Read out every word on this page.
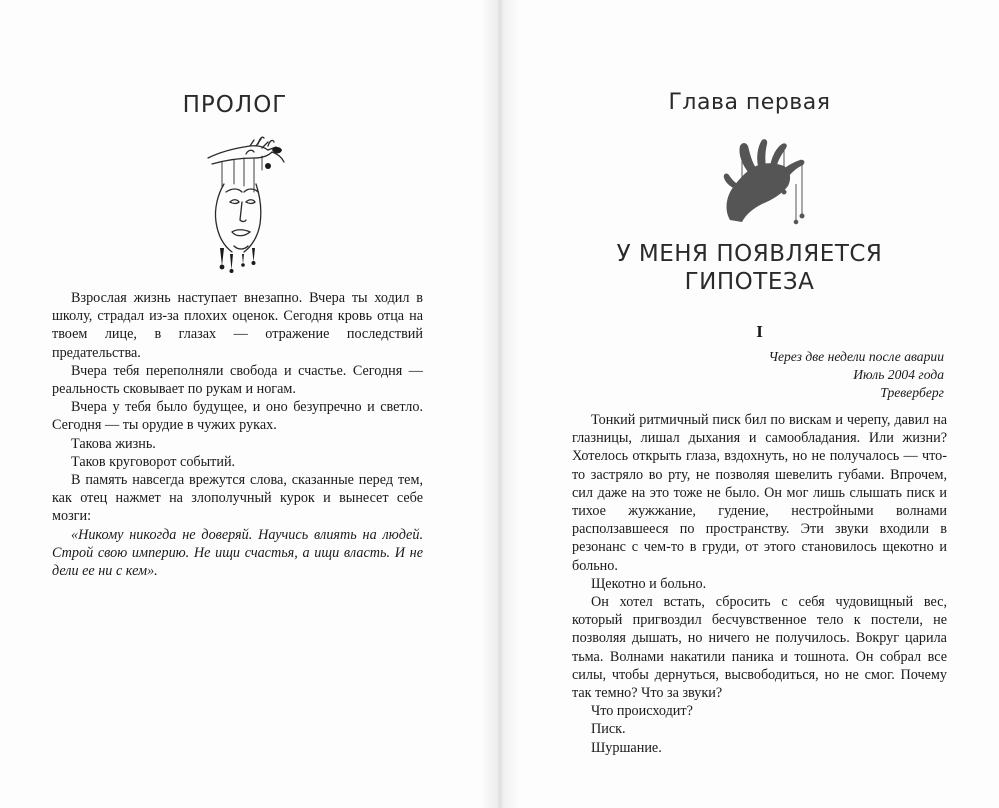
ПРОЛОГ

Взрослая жизнь наступает внезапно. Вчера ты ходил в школу, страдал из-за плохих оценок. Сегодня кровь отца на твоем лице, в глазах — отражение последствий предательства.

Вчера тебя переполняли свобода и счастье. Сегодня — реальность сковывает по рукам и ногам.

Вчера у тебя было будущее, и оно безупречно и светло. Сегодня — ты орудие в чужих руках.

Такова жизнь.

Таков круговорот событий.

В память навсегда врежутся слова, сказанные перед тем, как отец нажмет на злополучный курок и вынесет себе мозги:

«Никому никогда не доверяй. Научись влиять на людей. Строй свою империю. Не ищи счастья, а ищи власть. И не дели ее ни с кем».

Глава первая
У МЕНЯ ПОЯВЛЯЕТСЯ
ГИПОТЕЗА
I
Через две недели после аварии
Июль 2004 года
Треверберг

Тонкий ритмичный писк бил по вискам и черепу, давил на глазницы, лишал дыхания и самообладания. Или жизни? Хотелось открыть глаза, вздохнуть, но не получалось — что-то застряло во рту, не позволяя шевелить губами. Впрочем, сил даже на это тоже не было. Он мог лишь слышать писк и тихое жужжание, гудение, нестройными волнами расползавшееся по пространству. Эти звуки входили в резонанс с чем-то в груди, от этого становилось щекотно и больно.

Щекотно и больно.

Он хотел встать, сбросить с себя чудовищный вес, который пригвоздил бесчувственное тело к постели, не позволяя дышать, но ничего не получилось. Вокруг царила тьма. Волнами накатили паника и тошнота. Он собрал все силы, чтобы дернуться, высвободиться, но не смог. Почему так темно? Что за звуки?

Что происходит?

Писк.

Шуршание.
